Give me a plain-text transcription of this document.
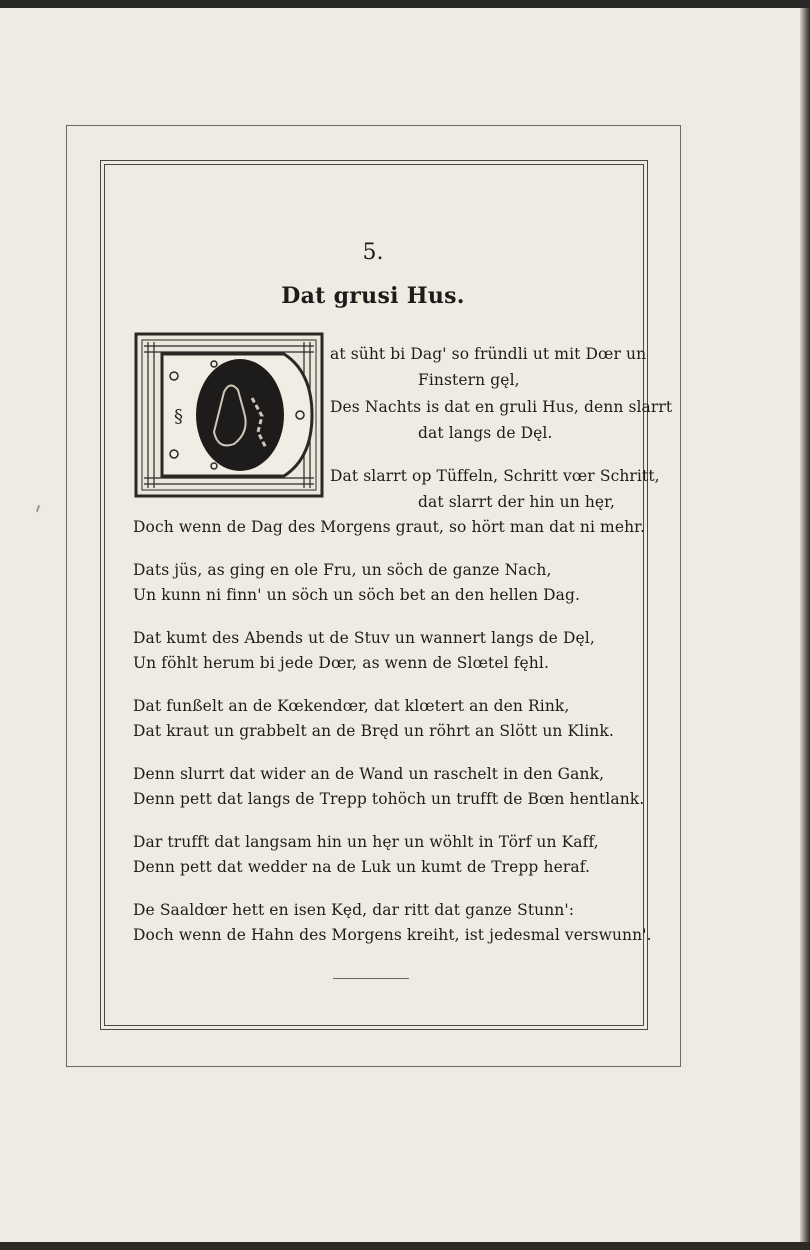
5.
Dat grusi Hus.
§
at süht bi Dag' so fründli ut mit Dœr un
Finstern gęl,
Des Nachts is dat en gruli Hus, denn slarrt
dat langs de Dęl.
Dat slarrt op Tüffeln, Schritt vœr Schritt,
dat slarrt der hin un hęr,
Doch wenn de Dag des Morgens graut, so hört man dat ni mehr.
Dats jüs, as ging en ole Fru, un söch de ganze Nach,
Un kunn ni finn' un söch un söch bet an den hellen Dag.
Dat kumt des Abends ut de Stuv un wannert langs de Dęl,
Un föhlt herum bi jede Dœr, as wenn de Slœtel fęhl.
Dat funßelt an de Kœkendœr, dat klœtert an den Rink,
Dat kraut un grabbelt an de Bręd un röhrt an Slött un Klink.
Denn slurrt dat wider an de Wand un raschelt in den Gank,
Denn pett dat langs de Trepp tohöch un trufft de Bœn hentlank.
Dar trufft dat langsam hin un hęr un wöhlt in Törf un Kaff,
Denn pett dat wedder na de Luk un kumt de Trepp heraf.
De Saaldœr hett en isen Kęd, dar ritt dat ganze Stunn':
Doch wenn de Hahn des Morgens kreiht, ist jedesmal verswunn'.
